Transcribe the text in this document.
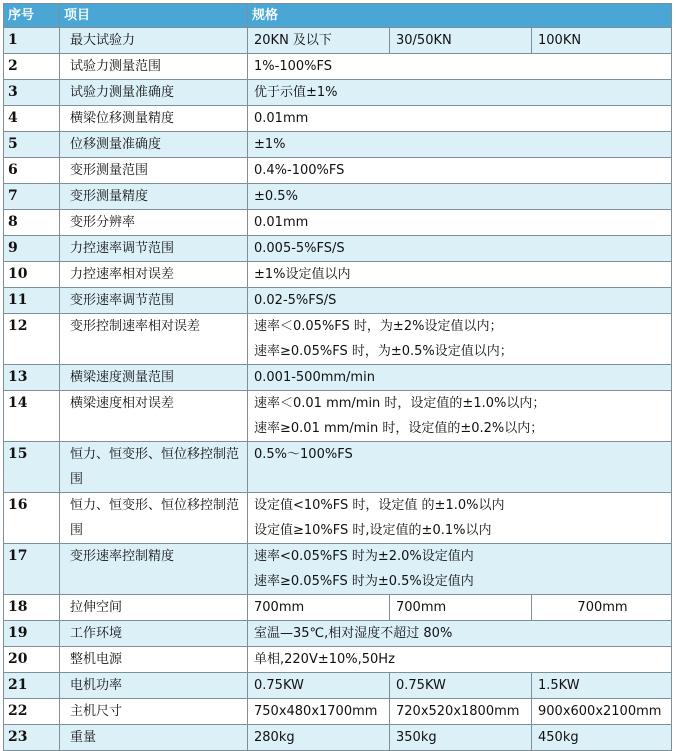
序号	项目	规格		
1	最大试验力	20KN 及以下	30/50KN	100KN
2	试验力测量范围	1%-100%FS		
3	试验力测量准确度	优于示值±1%		
4	横梁位移测量精度	0.01mm		
5	位移测量准确度	±1%		
6	变形测量范围	0.4%-100%FS		
7	变形测量精度	±0.5%		
8	变形分辨率	0.01mm		
9	力控速率调节范围	0.005-5%FS/S		
10	力控速率相对误差	±1%设定值以内		
11	变形速率调节范围	0.02-5%FS/S		
12	变形控制速率相对误差	速率＜0.05%FS 时，为±2%设定值以内；
速率≥0.05%FS 时，为±0.5%设定值以内；		

13	横梁速度测量范围	0.001-500mm/min		
14	横梁速度相对误差	速率＜0.01 mm/min 时，设定值的±1.0%以内；
速率≥0.01 mm/min 时，设定值的±0.2%以内；		

15	恒力、恒变形、恒位移控制范围	0.5%～100%FS		
16	恒力、恒变形、恒位移控制范围	设定值<10%FS 时，设定值 的±1.0%以内
设定值≥10%FS 时,设定值的±0.1%以内		

17	变形速率控制精度	速率<0.05%FS 时为±2.0%设定值内
速率≥0.05%FS 时为±0.5%设定值内		

18	拉伸空间	700mm	700mm	700mm
19	工作环境	室温—35℃,相对湿度不超过 80%		
20	整机电源	单相,220V±10%,50Hz		
21	电机功率	0.75KW	0.75KW	1.5KW
22	主机尺寸	750x480x1700mm	720x520x1800mm	900x600x2100mm
23	重量	280kg	350kg	450kg
